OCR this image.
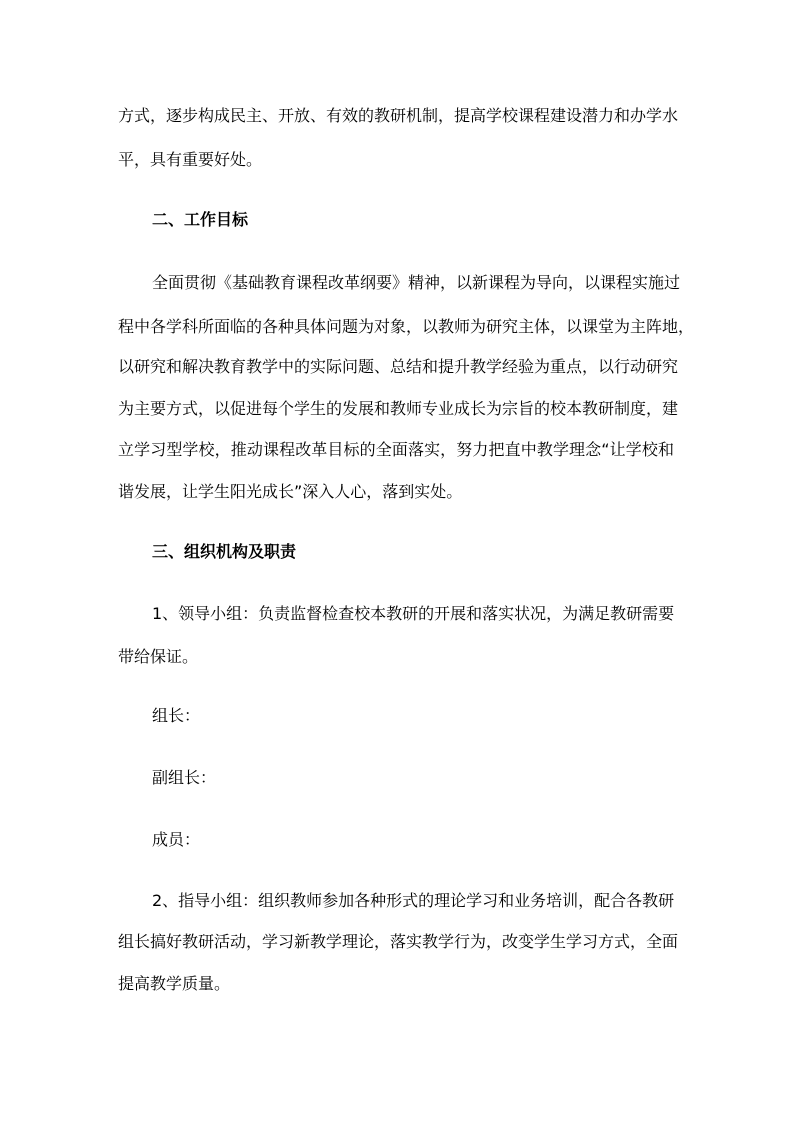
方式，逐步构成民主、开放、有效的教研机制，提高学校课程建设潜力和办学水

平，具有重要好处。

二、工作目标

全面贯彻《基础教育课程改革纲要》精神，以新课程为导向，以课程实施过

程中各学科所面临的各种具体问题为对象，以教师为研究主体，以课堂为主阵地，

以研究和解决教育教学中的实际问题、总结和提升教学经验为重点，以行动研究

为主要方式，以促进每个学生的发展和教师专业成长为宗旨的校本教研制度，建

立学习型学校，推动课程改革目标的全面落实，努力把直中教学理念“让学校和

谐发展，让学生阳光成长”深入人心，落到实处。

三、组织机构及职责

1、领导小组：负责监督检查校本教研的开展和落实状况，为满足教研需要

带给保证。

组长：

副组长：

成员：

2、指导小组：组织教师参加各种形式的理论学习和业务培训，配合各教研

组长搞好教研活动，学习新教学理论，落实教学行为，改变学生学习方式，全面

提高教学质量。
